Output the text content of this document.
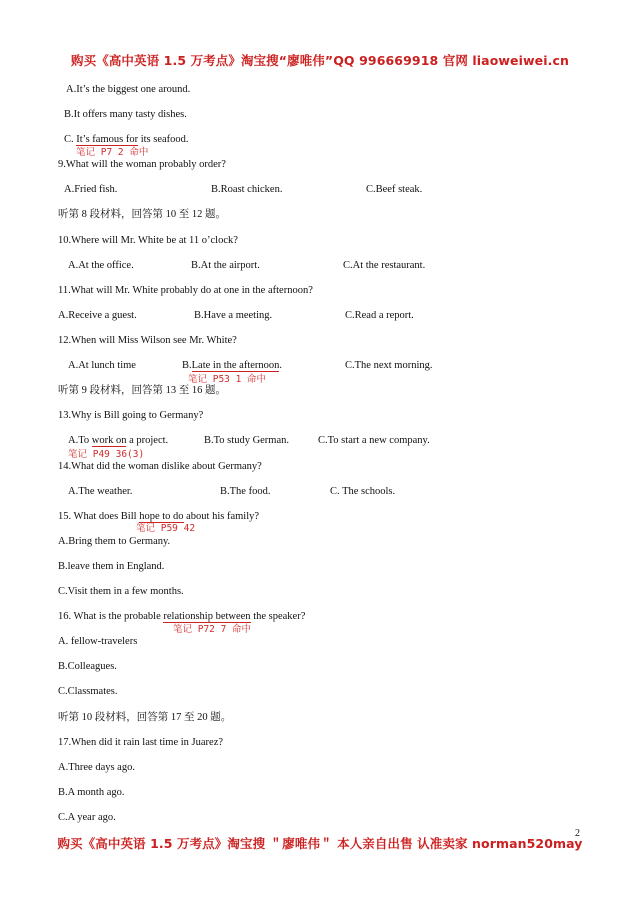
购买《高中英语 1.5 万考点》淘宝搜“廖唯伟”QQ 996669918 官网 liaoweiwei.cn
A.It’s the biggest one around.
B.It offers many tasty dishes.
C. It’s famous for its seafood.
笔记 P7 2 命中
9.What will the woman probably order?
A.Fried fish.	B.Roast chicken.	C.Beef steak.
听第 8 段材料，回答第 10 至 12 题。
10.Where will Mr. White be at 11 o’clock?
A.At the office.	B.At the airport.	C.At the restaurant.
11.What will Mr. White probably do at one in the afternoon?
A.Receive a guest.	B.Have a meeting.	C.Read a report.
12.When will Miss Wilson see Mr. White?
A.At lunch time	B.Late in the afternoon.	C.The next morning.
笔记 P53 1 命中
听第 9 段材料，回答第 13 至 16 题。
13.Why is Bill going to Germany?
A.To work on a project.	B.To study German.	C.To start a new company.
笔记 P49 36(3)
14.What did the woman dislike about Germany?
A.The weather.	B.The food.	C. The schools.
15. What does Bill hope to do about his family?
笔记 P59 42
A.Bring them to Germany.
B.leave them in England.
C.Visit them in a few months.
16. What is the probable relationship between the speaker?
笔记 P72 7 命中
A. fellow-travelers
B.Colleagues.
C.Classmates.
听第 10 段材料，回答第 17 至 20 题。
17.When did it rain last time in Juarez?
A.Three days ago.
B.A month ago.
C.A year ago.
2
购买《高中英语 1.5 万考点》淘宝搜 ＂廖唯伟＂ 本人亲自出售 认准卖家 norman520may
